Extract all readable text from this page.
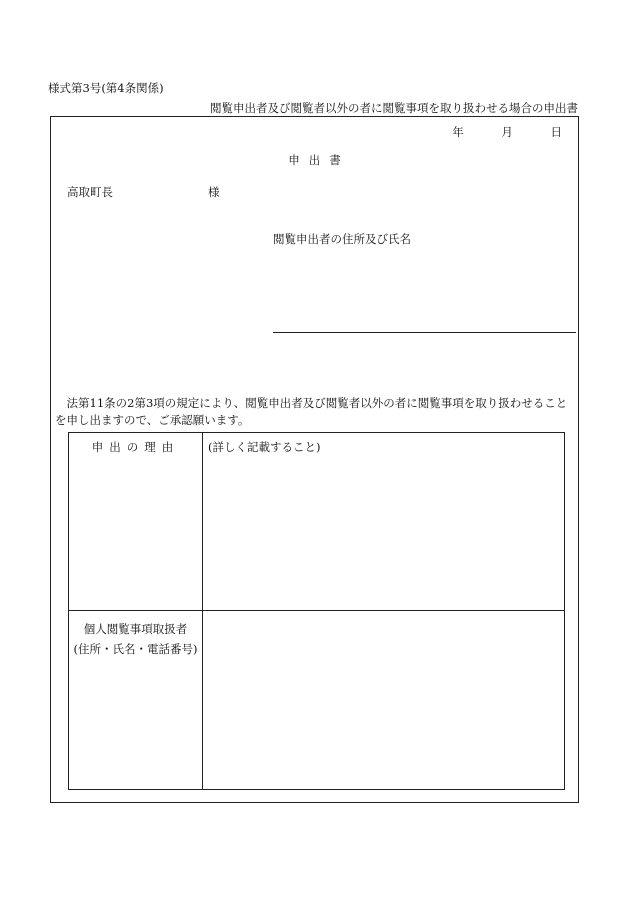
様式第3号(第4条関係)
閲覧申出者及び閲覧者以外の者に閲覧事項を取り扱わせる場合の申出書
年	月	日
申出書
高取町長	様
閲覧申出者の住所及び氏名
法第11条の2第3項の規定により、閲覧申出者及び閲覧者以外の者に閲覧事項を取り扱わせることを申し出ますので、ご承認願います。
申出の理由	(詳しく記載すること)

個人閲覧事項取扱者
(住所・氏名・電話番号)	
